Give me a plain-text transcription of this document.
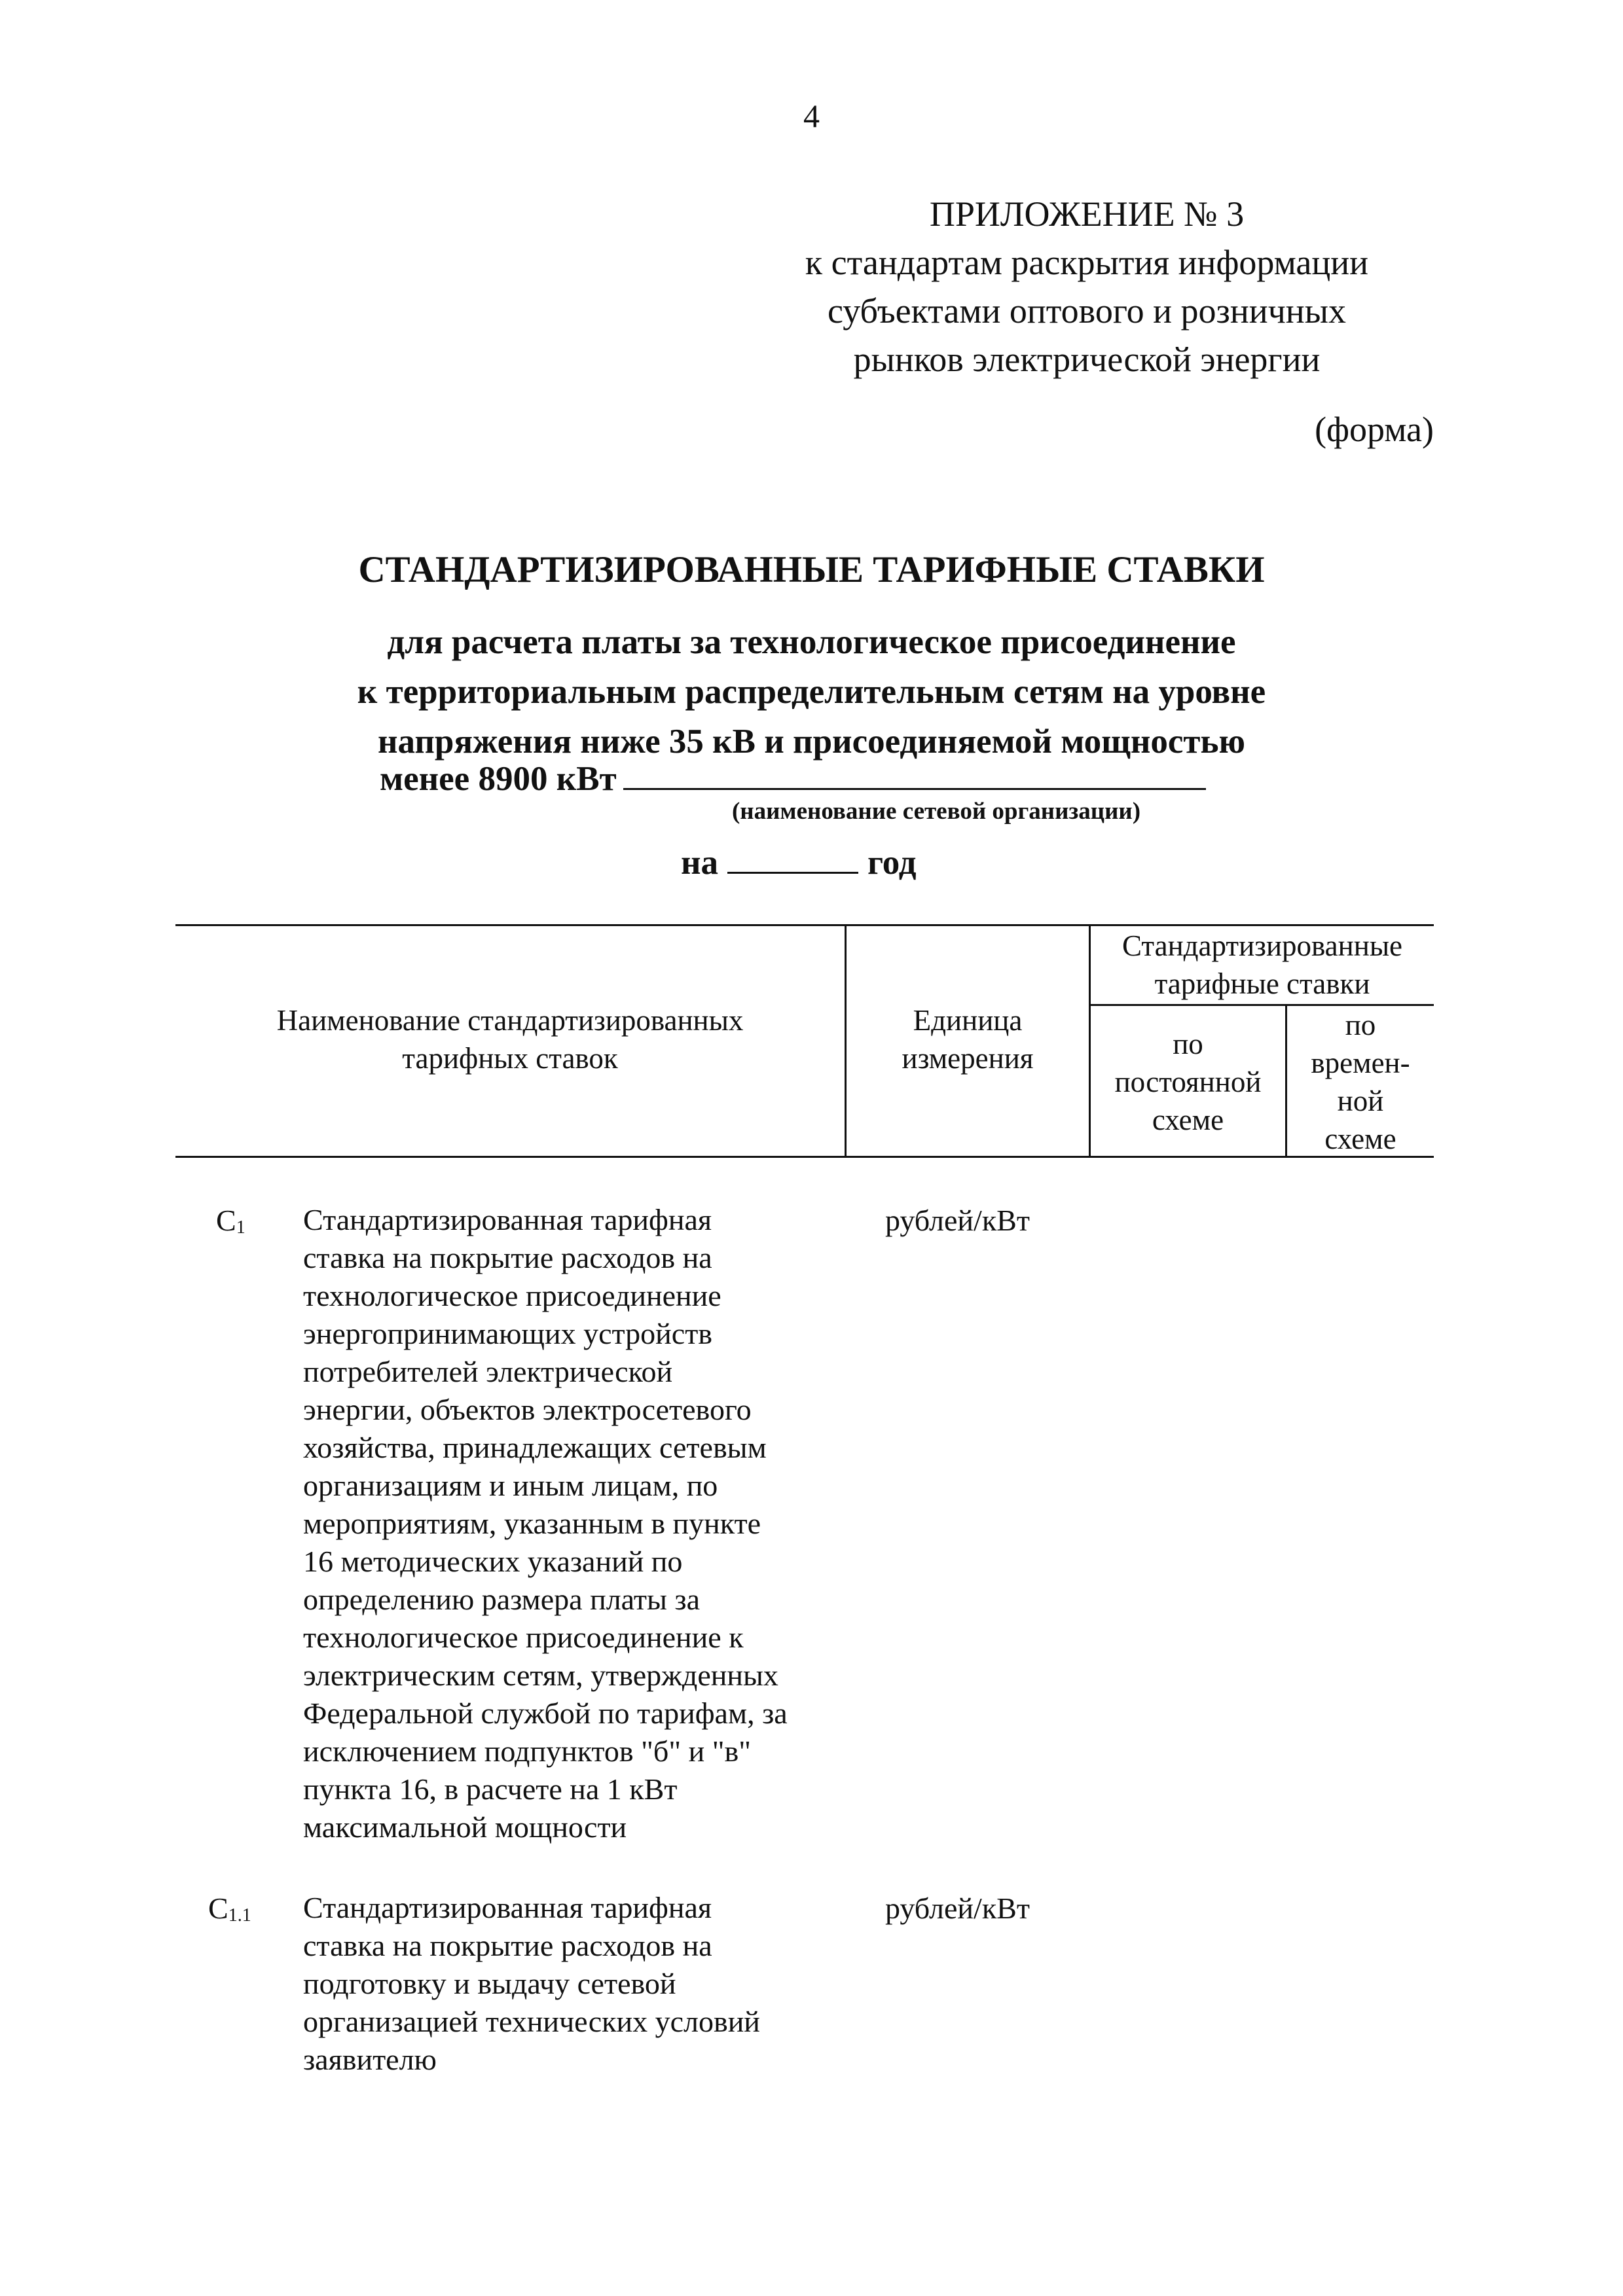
4
ПРИЛОЖЕНИЕ № 3
к стандартам раскрытия информации
субъектами оптового и розничных
рынков электрической энергии
(форма)
СТАНДАРТИЗИРОВАННЫЕ ТАРИФНЫЕ СТАВКИ
для расчета платы за технологическое присоединение
к территориальным распределительным сетям на уровне
напряжения ниже 35 кВ и присоединяемой мощностью
менее 8900 кВт
(наименование сетевой организации)
на	год
Наименование стандартизированных
тарифных ставок
Единица
измерения
Стандартизированные
тарифные ставки
по
постоянной
схеме
по
времен-
ной
схеме
$C_1$ Стандартизированная тарифная
ставка на покрытие расходов на
технологическое присоединение
энергопринимающих устройств
потребителей электрической
энергии, объектов электросетевого
хозяйства, принадлежащих сетевым
организациям и иным лицам, по
мероприятиям, указанным в пункте
16 методических указаний по
определению размера платы за
технологическое присоединение к
электрическим сетям, утвержденных
Федеральной службой по тарифам, за
исключением подпунктов "б" и "в"
пункта 16, в расчете на 1 кВт
максимальной мощности
рублей/кВт
$C_{1.1}$ Стандартизированная тарифная
ставка на покрытие расходов на
подготовку и выдачу сетевой
организацией технических условий
заявителю
рублей/кВт
